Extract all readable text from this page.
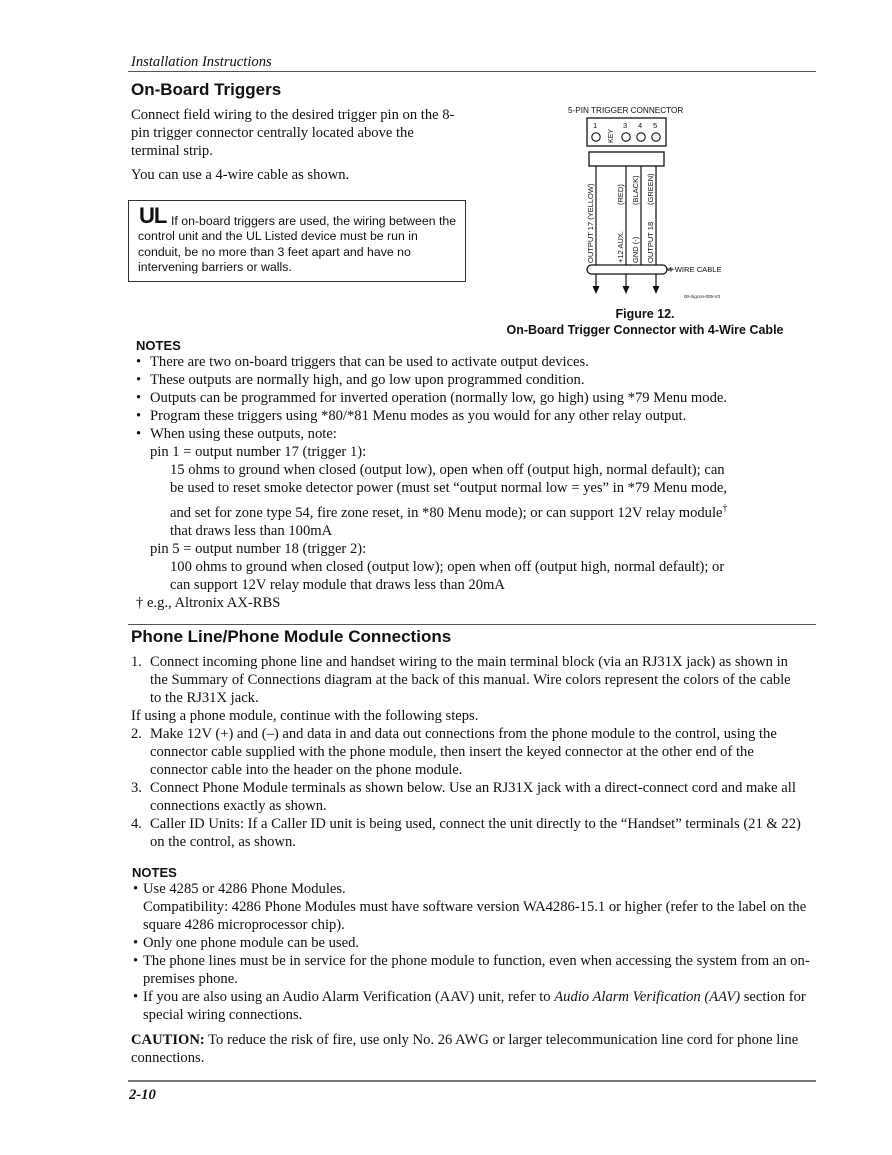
Installation Instructions
On-Board Triggers

Connect field wiring to the desired trigger pin on the 8-pin trigger connector centrally located above the terminal strip.

You can use a 4-wire cable as shown.

UL If on-board triggers are used, the wiring between the control unit and the UL Listed device must be run in conduit, be no more than 3 feet apart and have no intervening barriers or walls.
5-PIN TRIGGER CONNECTOR
1
KEY
3 4 5
OUTPUT 17 (YELLOW)	+12 AUX.
(RED)
GND (-)
(BLACK)
OUTPUT 18
(GREEN)
4-WIRE CABLE
00-trigcon-005-V3
Figure 12.
On-Board Trigger Connector with 4-Wire Cable
NOTES
• There are two on-board triggers that can be used to activate output devices.
• These outputs are normally high, and go low upon programmed condition.
• Outputs can be programmed for inverted operation (normally low, go high) using *79 Menu mode.
• Program these triggers using *80/*81 Menu modes as you would for any other relay output.
• When using these outputs, note:
pin 1 = output number 17 (trigger 1):
15 ohms to ground when closed (output low), open when off (output high, normal default); can
be used to reset smoke detector power (must set “output normal low = yes” in *79 Menu mode,
and set for zone type 54, fire zone reset, in *80 Menu mode); or can support 12V relay module†
that draws less than 100mA
pin 5 = output number 18 (trigger 2):
100 ohms to ground when closed (output low); open when off (output high, normal default); or
can support 12V relay module that draws less than 20mA
† e.g., Altronix AX-RBS
Phone Line/Phone Module Connections
1. Connect incoming phone line and handset wiring to the main terminal block (via an RJ31X jack) as shown in the Summary of Connections diagram at the back of this manual. Wire colors represent the colors of the cable to the RJ31X jack.
If using a phone module, continue with the following steps.
2. Make 12V (+) and (–) and data in and data out connections from the phone module to the control, using the connector cable supplied with the phone module, then insert the keyed connector at the other end of the connector cable into the header on the phone module.
3. Connect Phone Module terminals as shown below. Use an RJ31X jack with a direct-connect cord and make all connections exactly as shown.
4. Caller ID Units: If a Caller ID unit is being used, connect the unit directly to the “Handset” terminals (21 & 22) on the control, as shown.
NOTES
• Use 4285 or 4286 Phone Modules.
Compatibility: 4286 Phone Modules must have software version WA4286-15.1 or higher (refer to the label on the square 4286 microprocessor chip).
• Only one phone module can be used.
• The phone lines must be in service for the phone module to function, even when accessing the system from an on-premises phone.
• If you are also using an Audio Alarm Verification (AAV) unit, refer to Audio Alarm Verification (AAV) section for special wiring connections.

CAUTION: To reduce the risk of fire, use only No. 26 AWG or larger telecommunication line cord for phone line connections.

2-10
